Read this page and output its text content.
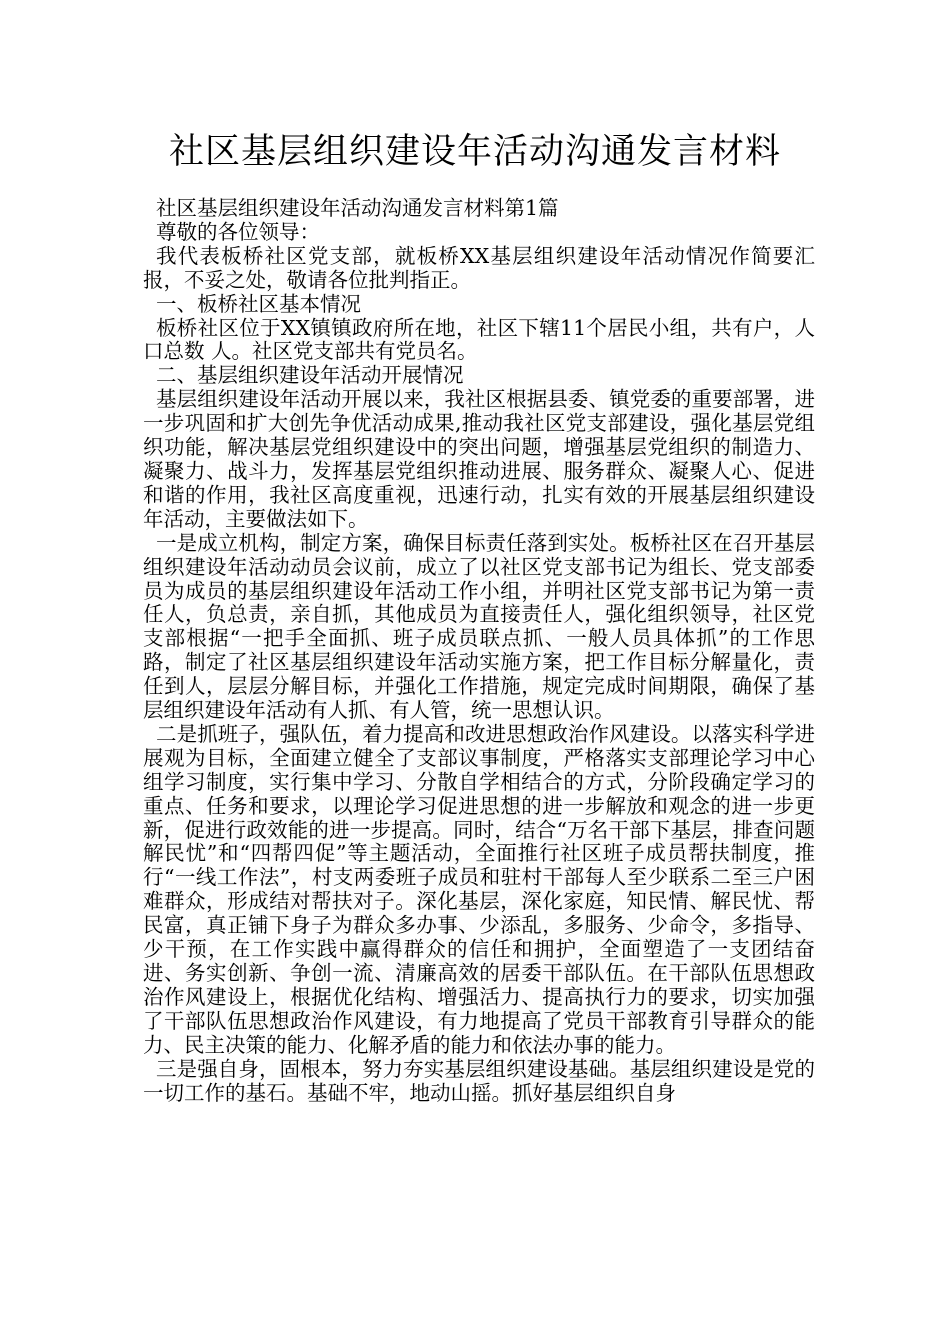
社区基层组织建设年活动沟通发言材料

社区基层组织建设年活动沟通发言材料第1篇

尊敬的各位领导：

我代表板桥社区党支部，就板桥XX基层组织建设年活动情况作简要汇报，不妥之处，敬请各位批判指正。

一、板桥社区基本情况

板桥社区位于XX镇镇政府所在地，社区下辖11个居民小组，共有户，人口总数 人。社区党支部共有党员名。

二、基层组织建设年活动开展情况

基层组织建设年活动开展以来，我社区根据县委、镇党委的重要部署，进一步巩固和扩大创先争优活动成果,推动我社区党支部建设，强化基层党组织功能，解决基层党组织建设中的突出问题，增强基层党组织的制造力、凝聚力、战斗力，发挥基层党组织推动进展、服务群众、凝聚人心、促进和谐的作用，我社区高度重视，迅速行动，扎实有效的开展基层组织建设年活动，主要做法如下。

一是成立机构，制定方案，确保目标责任落到实处。板桥社区在召开基层组织建设年活动动员会议前，成立了以社区党支部书记为组长、党支部委员为成员的基层组织建设年活动工作小组，并明社区党支部书记为第一责任人，负总责，亲自抓，其他成员为直接责任人，强化组织领导，社区党支部根据“一把手全面抓、班子成员联点抓、一般人员具体抓”的工作思路，制定了社区基层组织建设年活动实施方案，把工作目标分解量化，责任到人，层层分解目标，并强化工作措施，规定完成时间期限，确保了基层组织建设年活动有人抓、有人管，统一思想认识。

二是抓班子，强队伍，着力提高和改进思想政治作风建设。以落实科学进展观为目标，全面建立健全了支部议事制度，严格落实支部理论学习中心组学习制度，实行集中学习、分散自学相结合的方式，分阶段确定学习的重点、任务和要求，以理论学习促进思想的进一步解放和观念的进一步更新，促进行政效能的进一步提高。同时，结合“万名干部下基层，排查问题解民忧”和“四帮四促”等主题活动，全面推行社区班子成员帮扶制度，推行“一线工作法”，村支两委班子成员和驻村干部每人至少联系二至三户困难群众，形成结对帮扶对子。深化基层，深化家庭，知民情、解民忧、帮民富，真正铺下身子为群众多办事、少添乱，多服务、少命令，多指导、少干预，在工作实践中赢得群众的信任和拥护，全面塑造了一支团结奋进、务实创新、争创一流、清廉高效的居委干部队伍。在干部队伍思想政治作风建设上，根据优化结构、增强活力、提高执行力的要求，切实加强了干部队伍思想政治作风建设，有力地提高了党员干部教育引导群众的能力、民主决策的能力、化解矛盾的能力和依法办事的能力。

三是强自身，固根本，努力夯实基层组织建设基础。基层组织建设是党的一切工作的基石。基础不牢，地动山摇。抓好基层组织自身
